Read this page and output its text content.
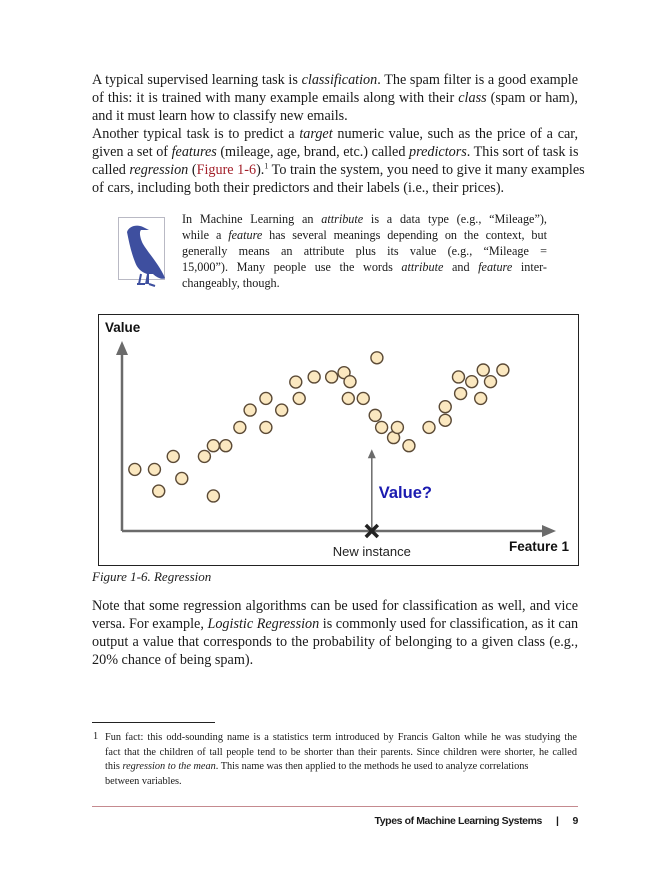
A typical supervised learning task is classification. The spam filter is a good example
of this: it is trained with many example emails along with their class (spam or ham),
and it must learn how to classify new emails.
Another typical task is to predict a target numeric value, such as the price of a car,
given a set of features (mileage, age, brand, etc.) called predictors. This sort of task is
called regression (Figure 1-6).$^1$ To train the system, you need to give it many examples
of cars, including both their predictors and their labels (i.e., their prices).
In Machine Learning an attribute is a data type (e.g., “Mileage”),
while a feature has several meanings depending on the context, but
generally means an attribute plus its value (e.g., “Mileage =
15,000”). Many people use the words attribute and feature inter-
changeably, though.
Value
Feature 1
New instance
Value?
Figure 1-6. Regression
Note that some regression algorithms can be used for classification as well, and vice
versa. For example, Logistic Regression is commonly used for classification, as it can
output a value that corresponds to the probability of belonging to a given class (e.g.,
20% chance of being spam).
1 Fun fact: this odd-sounding name is a statistics term introduced by Francis Galton while he was studying the
fact that the children of tall people tend to be shorter than their parents. Since children were shorter, he called
this regression to the mean. This name was then applied to the methods he used to analyze correlations
between variables.
Types of Machine Learning Systems | 9
